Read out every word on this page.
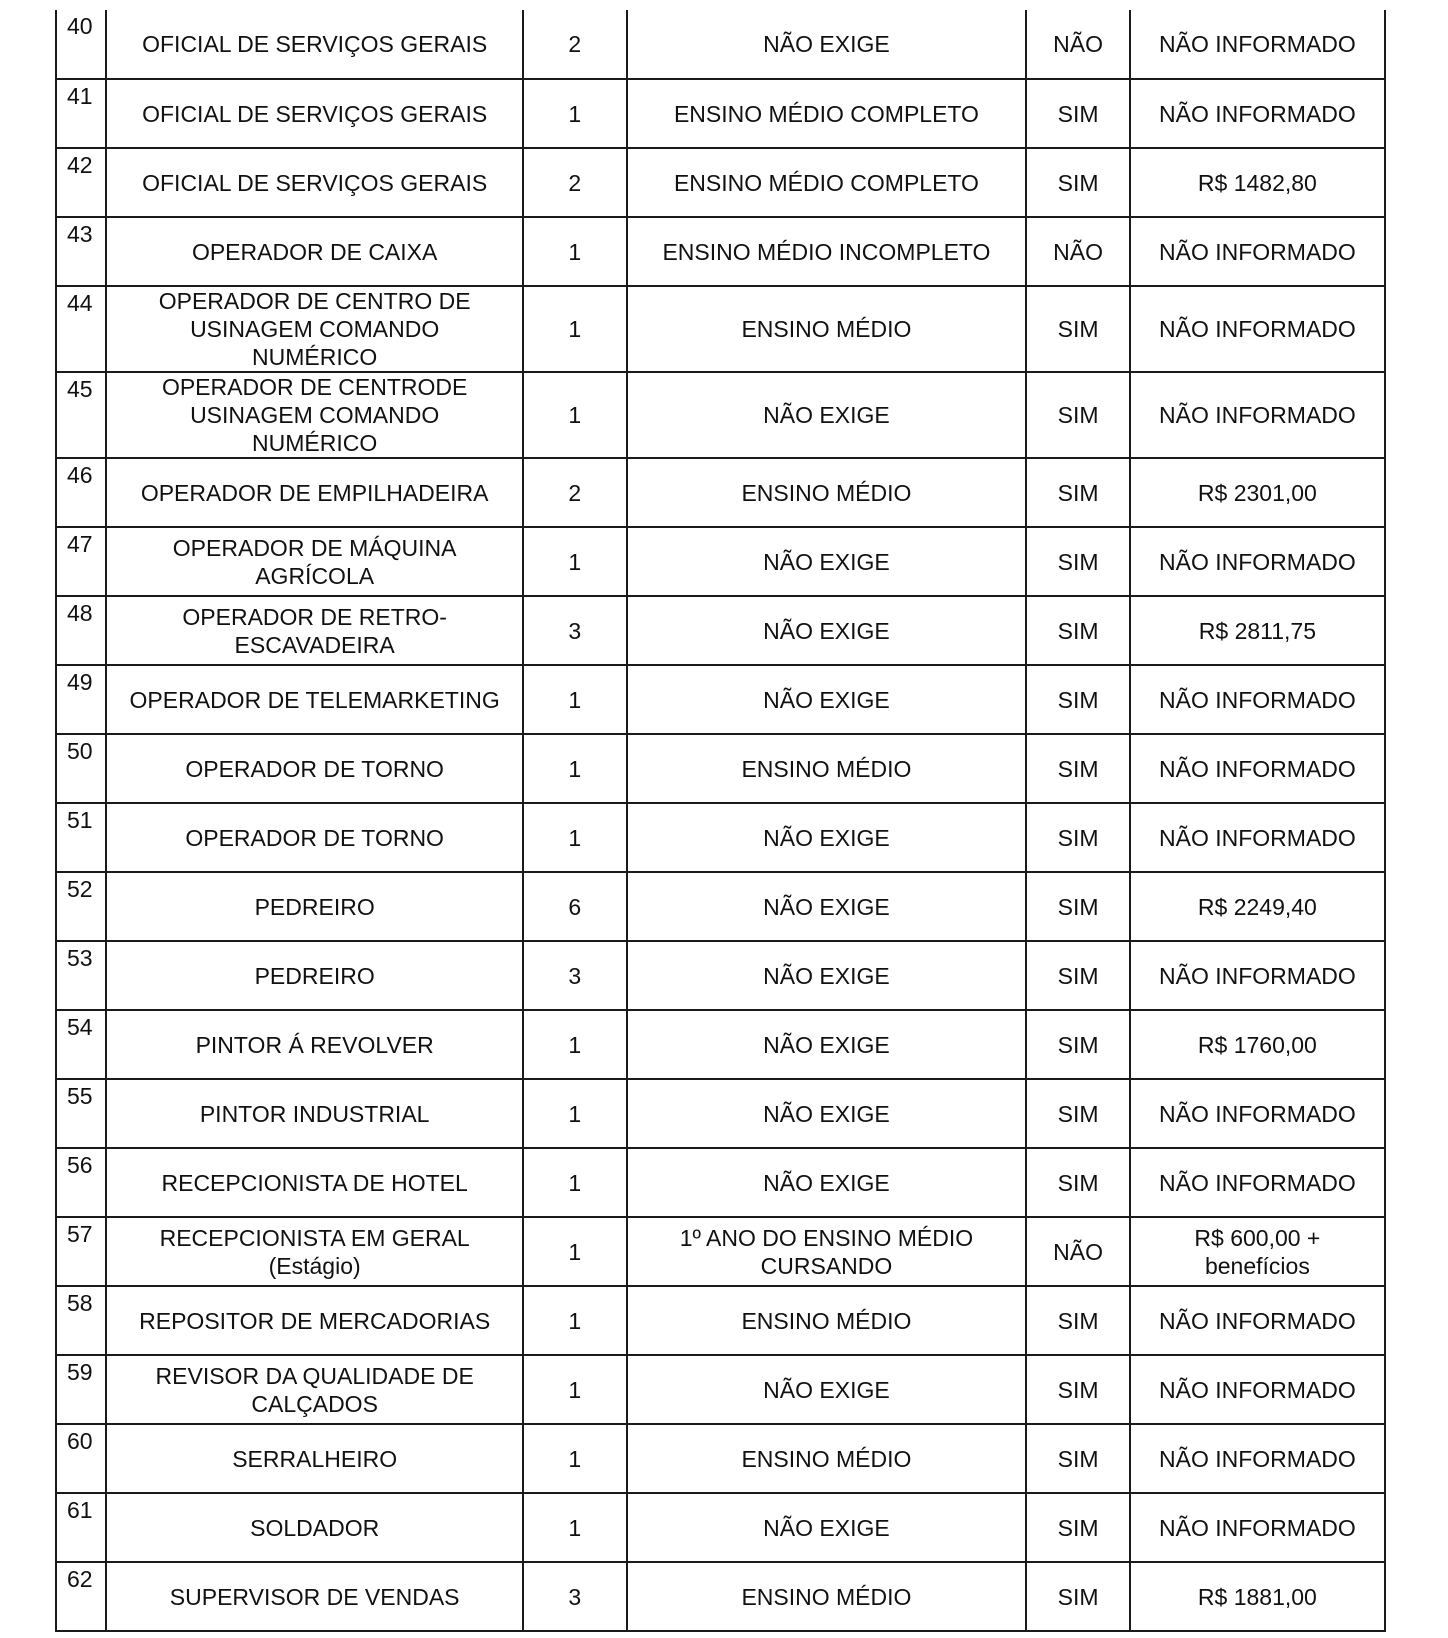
40	OFICIAL DE SERVIÇOS GERAIS	2	NÃO EXIGE	NÃO	NÃO INFORMADO

41	OFICIAL DE SERVIÇOS GERAIS	1	ENSINO MÉDIO COMPLETO	SIM	NÃO INFORMADO

42	OFICIAL DE SERVIÇOS GERAIS	2	ENSINO MÉDIO COMPLETO	SIM	R$ 1482,80

43	OPERADOR DE CAIXA	1	ENSINO MÉDIO INCOMPLETO	NÃO	NÃO INFORMADO

44	OPERADOR DE CENTRO DE
USINAGEM COMANDO
NUMÉRICO	1	ENSINO MÉDIO	SIM	NÃO INFORMADO

45	OPERADOR DE CENTRODE
USINAGEM COMANDO
NUMÉRICO	1	NÃO EXIGE	SIM	NÃO INFORMADO

46	OPERADOR DE EMPILHADEIRA	2	ENSINO MÉDIO	SIM	R$ 2301,00

47	OPERADOR DE MÁQUINA
AGRÍCOLA	1	NÃO EXIGE	SIM	NÃO INFORMADO

48	OPERADOR DE RETRO-
ESCAVADEIRA	3	NÃO EXIGE	SIM	R$ 2811,75

49	OPERADOR DE TELEMARKETING	1	NÃO EXIGE	SIM	NÃO INFORMADO

50	OPERADOR DE TORNO	1	ENSINO MÉDIO	SIM	NÃO INFORMADO

51	OPERADOR DE TORNO	1	NÃO EXIGE	SIM	NÃO INFORMADO

52	PEDREIRO	6	NÃO EXIGE	SIM	R$ 2249,40

53	PEDREIRO	3	NÃO EXIGE	SIM	NÃO INFORMADO

54	PINTOR Á REVOLVER	1	NÃO EXIGE	SIM	R$ 1760,00

55	PINTOR INDUSTRIAL	1	NÃO EXIGE	SIM	NÃO INFORMADO

56	RECEPCIONISTA DE HOTEL	1	NÃO EXIGE	SIM	NÃO INFORMADO

57	RECEPCIONISTA EM GERAL
(Estágio)	1	1º ANO DO ENSINO MÉDIO
CURSANDO	NÃO	R$ 600,00 +
benefícios

58	REPOSITOR DE MERCADORIAS	1	ENSINO MÉDIO	SIM	NÃO INFORMADO

59	REVISOR DA QUALIDADE DE
CALÇADOS	1	NÃO EXIGE	SIM	NÃO INFORMADO

60	SERRALHEIRO	1	ENSINO MÉDIO	SIM	NÃO INFORMADO

61	SOLDADOR	1	NÃO EXIGE	SIM	NÃO INFORMADO

62	SUPERVISOR DE VENDAS	3	ENSINO MÉDIO	SIM	R$ 1881,00
